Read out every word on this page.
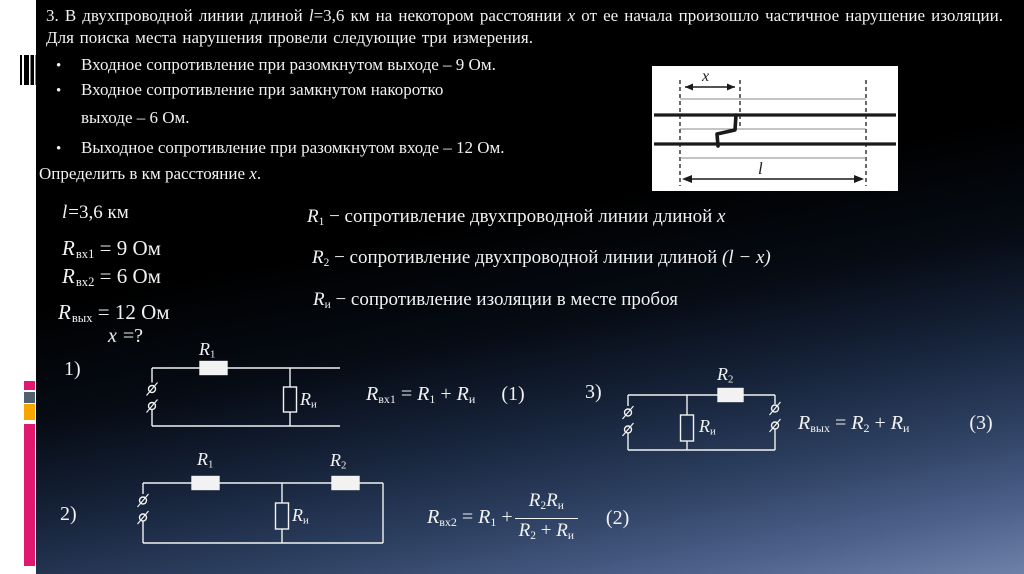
3. В двухпроводной линии длиной l=3,6 км на некотором расстоянии x от ее начала произошло частичное нарушение изоляции. Для поиска места нарушения провели следующие три измерения.
• Входное сопротивление при разомкнутом выходе – 9 Ом.
• Входное сопротивление при замкнутом накоротко
выходе – 6 Ом.
• Выходное сопротивление при разомкнутом входе – 12 Ом.
Определить в км расстояние x.
x
l
l=3,6 км
$R_{вх1} = 9$ Ом
$R_{вх2} = 6$ Ом
$R_{вых} = 12$ Ом
x =?
$R_1$ − сопротивление двухпроводной линии длиной x
$R_2$ − сопротивление двухпроводной линии длиной (l − x)
$R_и$ − сопротивление изоляции в месте пробоя
1)
$R_1$
$R_и$ $R_{вх1} = R_1 + R_и$ (1)	3)
$R_2$
$R_и$	$R_{вых} = R_2 + R_и$	(3)
2)
$R_1$	$R_2$
$R_и$	$R_{вх2} = R_1 + \frac{R_2R_и}{R_2 + R_и} (2)$
